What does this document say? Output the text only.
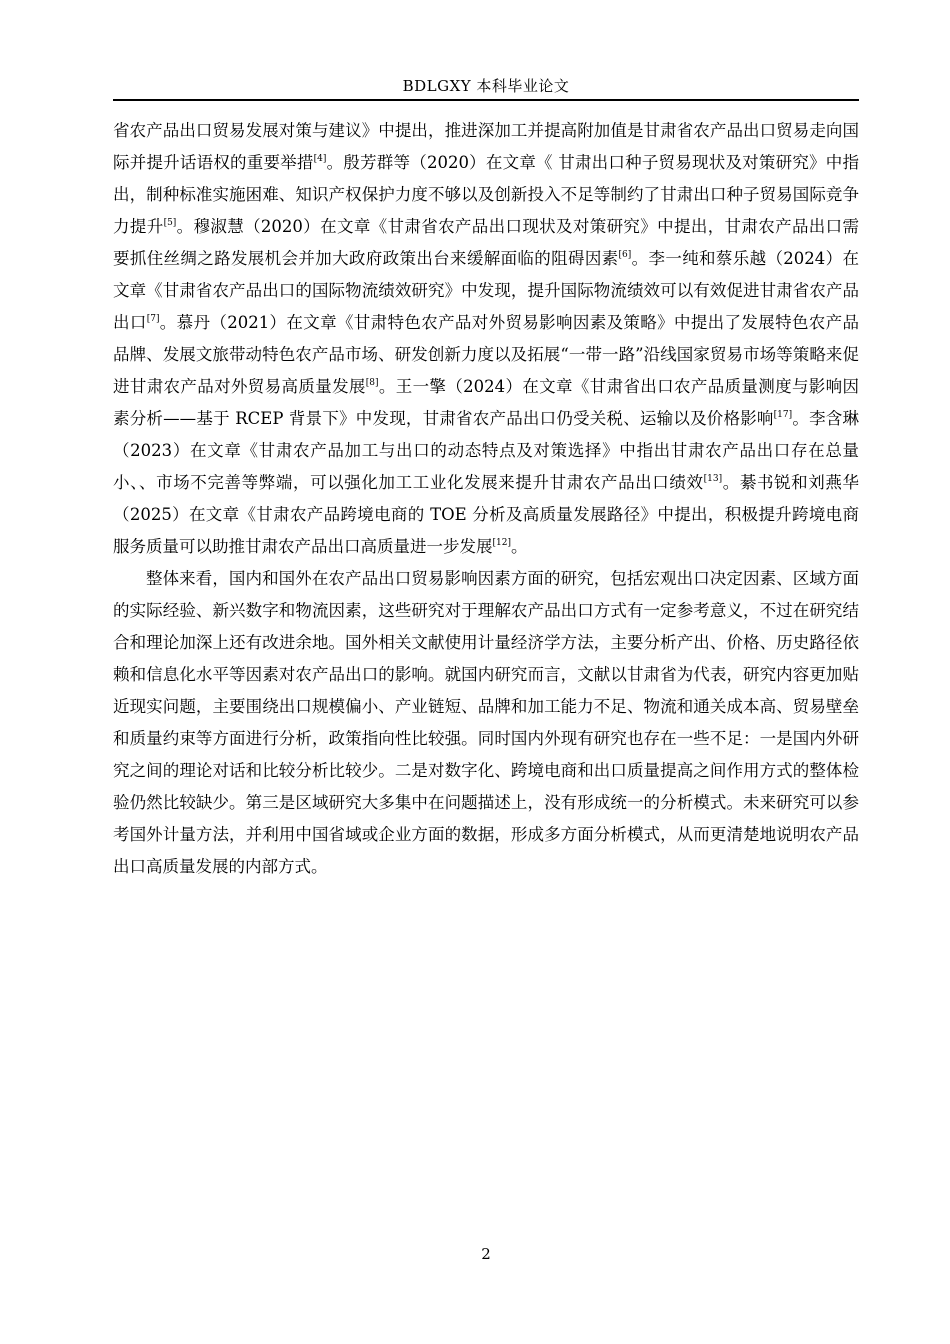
BDLGXY 本科毕业论文

省农产品出口贸易发展对策与建议》中提出，推进深加工并提高附加值是甘肃省农产品出口贸易走向国际并提升话语权的重要举措[4]。殷芳群等（2020）在文章《 甘肃出口种子贸易现状及对策研究》中指出，制种标准实施困难、知识产权保护力度不够以及创新投入不足等制约了甘肃出口种子贸易国际竞争力提升[5]。穆淑慧（2020）在文章《甘肃省农产品出口现状及对策研究》中提出，甘肃农产品出口需要抓住丝绸之路发展机会并加大政府政策出台来缓解面临的阻碍因素[6]。李一纯和蔡乐越（2024）在文章《甘肃省农产品出口的国际物流绩效研究》中发现，提升国际物流绩效可以有效促进甘肃省农产品出口[7]。慕丹（2021）在文章《甘肃特色农产品对外贸易影响因素及策略》中提出了发展特色农产品品牌、发展文旅带动特色农产品市场、研发创新力度以及拓展“一带一路”沿线国家贸易市场等策略来促进甘肃农产品对外贸易高质量发展[8]。王一擎（2024）在文章《甘肃省出口农产品质量测度与影响因素分析——基于 RCEP 背景下》中发现，甘肃省农产品出口仍受关税、运输以及价格影响[17]。李含琳（2023）在文章《甘肃农产品加工与出口的动态特点及对策选择》中指出甘肃农产品出口存在总量小、、市场不完善等弊端，可以强化加工工业化发展来提升甘肃农产品出口绩效[13]。綦书锐和刘燕华（2025）在文章《甘肃农产品跨境电商的 TOE 分析及高质量发展路径》中提出，积极提升跨境电商服务质量可以助推甘肃农产品出口高质量进一步发展[12]。

整体来看，国内和国外在农产品出口贸易影响因素方面的研究，包括宏观出口决定因素、区域方面的实际经验、新兴数字和物流因素，这些研究对于理解农产品出口方式有一定参考意义，不过在研究结合和理论加深上还有改进余地。国外相关文献使用计量经济学方法，主要分析产出、价格、历史路径依赖和信息化水平等因素对农产品出口的影响。就国内研究而言，文献以甘肃省为代表，研究内容更加贴近现实问题，主要围绕出口规模偏小、产业链短、品牌和加工能力不足、物流和通关成本高、贸易壁垒和质量约束等方面进行分析，政策指向性比较强。同时国内外现有研究也存在一些不足：一是国内外研究之间的理论对话和比较分析比较少。二是对数字化、跨境电商和出口质量提高之间作用方式的整体检验仍然比较缺少。第三是区域研究大多集中在问题描述上，没有形成统一的分析模式。未来研究可以参考国外计量方法，并利用中国省域或企业方面的数据，形成多方面分析模式，从而更清楚地说明农产品出口高质量发展的内部方式。

2
